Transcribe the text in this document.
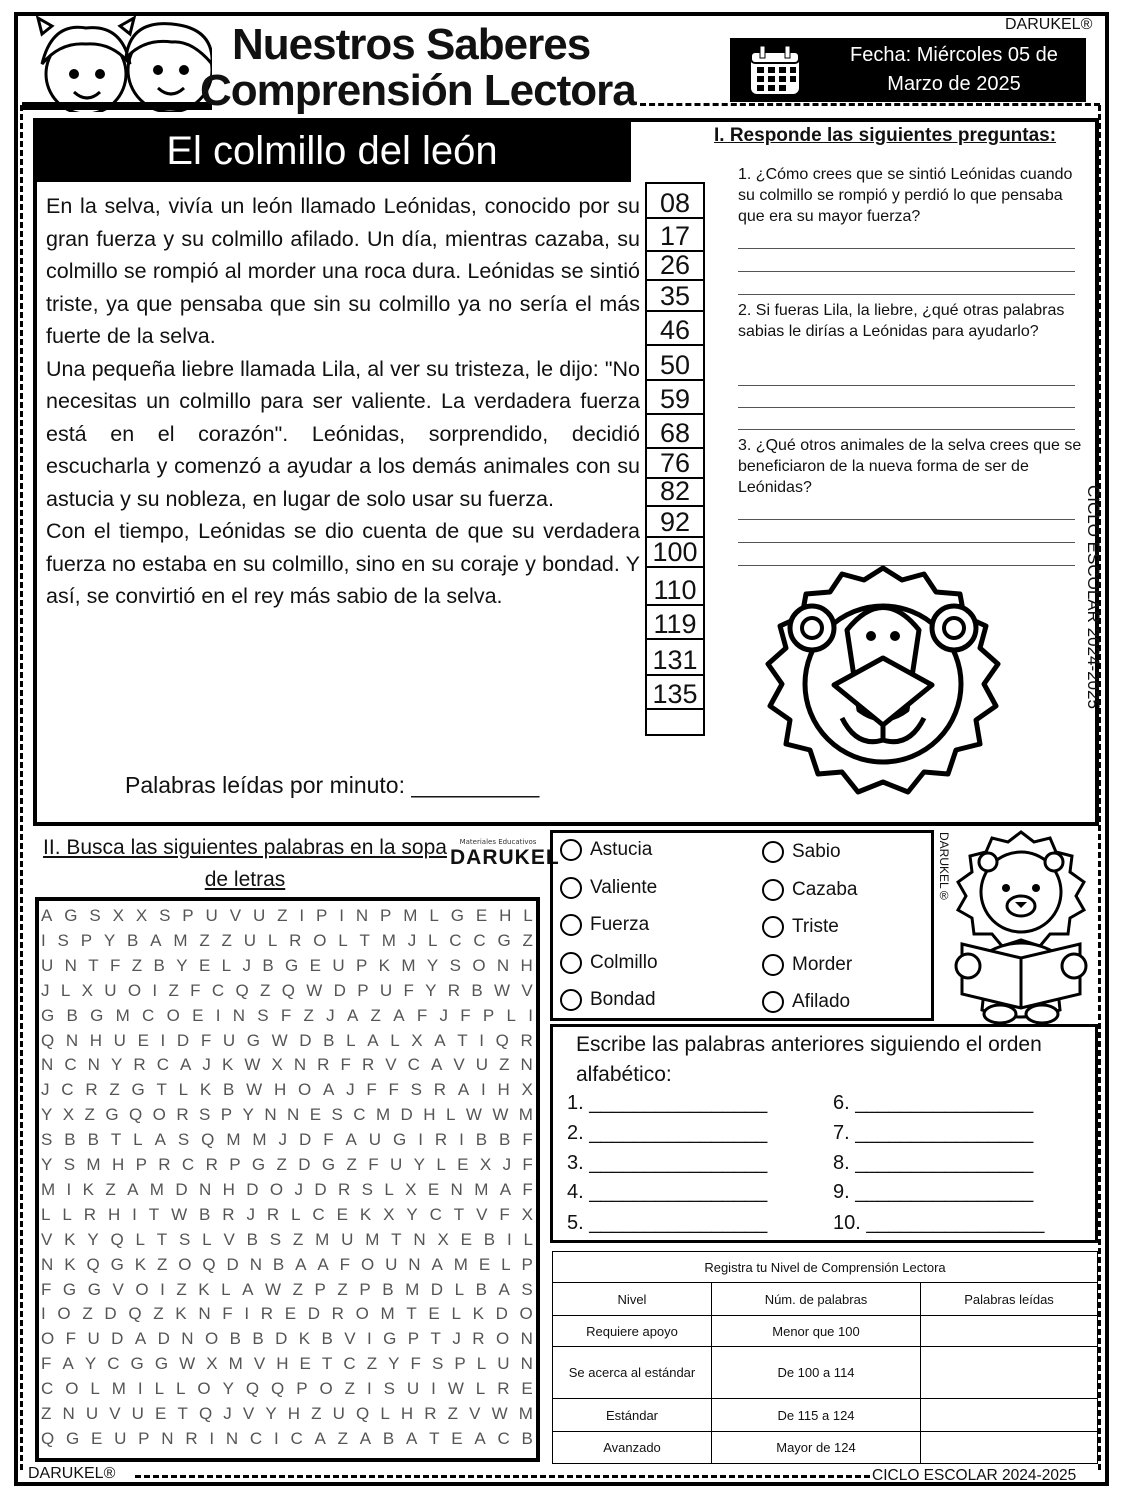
Nuestros Saberes
Comprensión Lectora
DARUKEL®
Fecha: Miércoles 05 de
Marzo de 2025
El colmillo del león

En la selva, vivía un león llamado Leónidas, conocido por su gran fuerza y su colmillo afilado. Un día, mientras cazaba, su colmillo se rompió al morder una roca dura. Leónidas se sintió triste, ya que pensaba que sin su colmillo ya no sería el más fuerte de la selva.

Una pequeña liebre llamada Lila, al ver su tristeza, le dijo: "No necesitas un colmillo para ser valiente. La verdadera fuerza está en el corazón". Leónidas, sorprendido, decidió escucharla y comenzó a ayudar a los demás animales con su astucia y su nobleza, en lugar de solo usar su fuerza.

Con el tiempo, Leónidas se dio cuenta de que su verdadera fuerza no estaba en su colmillo, sino en su coraje y bondad. Y así, se convirtió en el rey más sabio de la selva.

08
17
26
35
46
50
59
68
76
82
92
100
110
119
131
135
Palabras leídas por minuto: __________
I. Responde las siguientes preguntas:
1. ¿Cómo crees que se sintió Leónidas cuando su colmillo se rompió y perdió lo que pensaba que era su mayor fuerza?
2. Si fueras Lila, la liebre, ¿qué otras palabras sabias le dirías a Leónidas para ayudarlo?
3. ¿Qué otros animales de la selva crees que se beneficiaron de la nueva forma de ser de Leónidas?	CICLO ESCOLAR 2024-2025
II. Busca las siguientes palabras en la sopa de letras
Materiales Educativos
DARUKEL
A G S X X S P U V U Z I P I N P M L G E H L
I S P Y B A M Z Z U L R O L T M J L C C G Z
U N T F Z B Y E L J B G E U P K M Y S O N H
J L X U O I Z F C Q Z Q W D P U F Y R B W V
G B G M C O E I N S F Z J A Z A F J F P L I
Q N H U E I D F U G W D B L A L X A T I Q R
N C N Y R C A J K W X N R F R V C A V U Z N
J C R Z G T L K B W H O A J F F S R A I H X
Y X Z G Q O R S P Y N N E S C M D H L W W M
S B B T L A S Q M M J D F A U G I R I B B F
Y S M H P R C R P G Z D G Z F U Y L E X J F
M I K Z A M D N H D O J D R S L X E N M A F
L L R H I T W B R J R L C E K X Y C T V F X
V K Y Q L T S L V B S Z M U M T N X E B I L
N K Q G K Z O Q D N B A A F O U N A M E L P
F G G V O I Z K L A W Z P Z P B M D L B A S
I O Z D Q Z K N F I R E D R O M T E L K D O
O F U D A D N O B B D K B V I G P T J R O N
F A Y C G G W X M V H E T C Z Y F S P L U N
C O L M I L L O Y Q Q P O Z I S U I W L R E
Z N U V U E T Q J V Y H Z U Q L H R Z V W M
Q G E U P N R I N C I C A Z A B A T E A C B
Astucia
Valiente
Fuerza
Colmillo
Bondad
Sabio
Cazaba
Triste
Morder
Afilado
DARUKEL®
Escribe las palabras anteriores siguiendo el orden alfabético:
1. ________________
2. ________________
3. ________________
4. ________________
5. ________________
6. ________________
7. ________________
8. ________________
9. ________________
10. ________________
Registra tu Nivel de Comprensión Lectora		
Nivel	Núm. de palabras	Palabras leídas
Requiere apoyo	Menor que 100	
Se acerca al estándar	De 100 a 114	
Estándar	De 115 a 124	
Avanzado	Mayor de 124	
DARUKEL®	CICLO ESCOLAR 2024-2025
